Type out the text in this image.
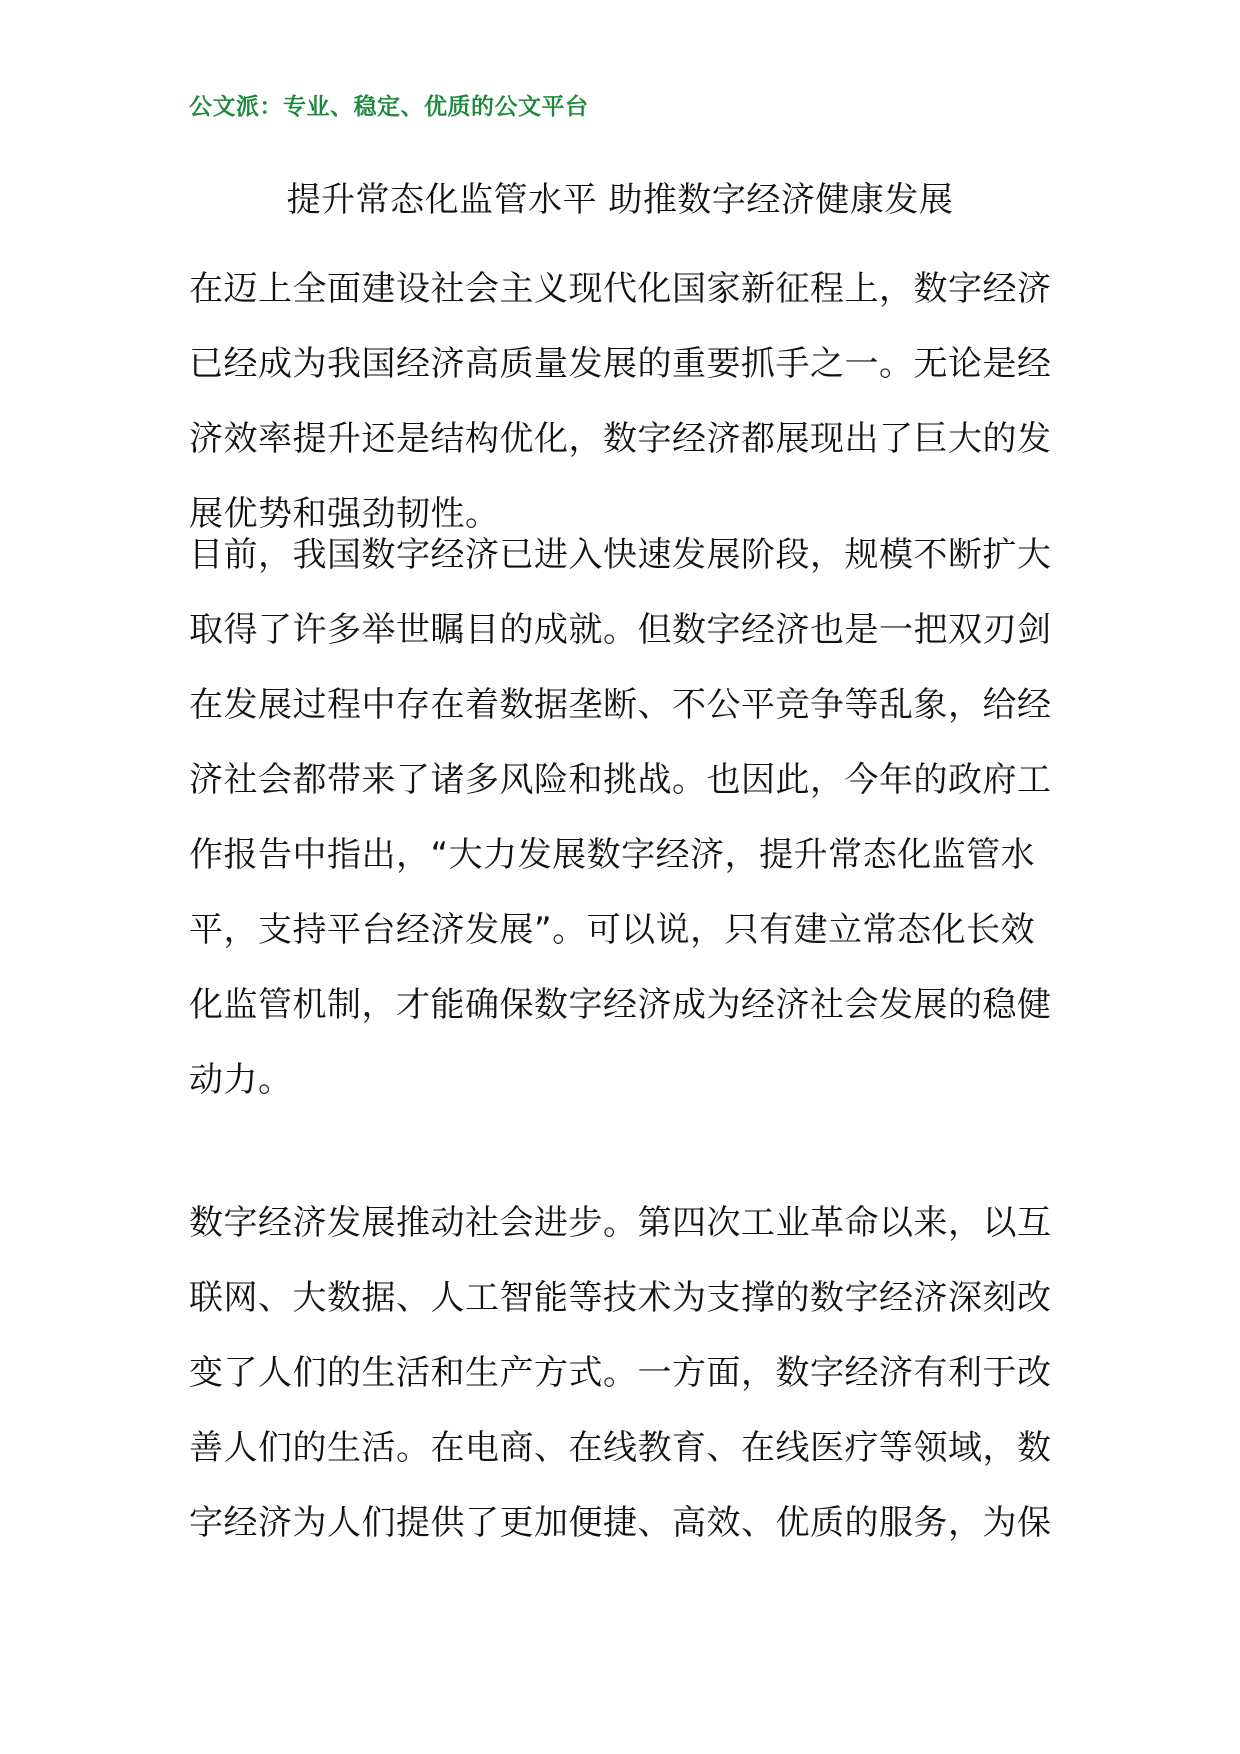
公文派：专业、稳定、优质的公文平台
提升常态化监管水平 助推数字经济健康发展

在迈上全面建设社会主义现代化国家新征程上，数字经济
已经成为我国经济高质量发展的重要抓手之一。无论是经
济效率提升还是结构优化，数字经济都展现出了巨大的发
展优势和强劲韧性。

目前，我国数字经济已进入快速发展阶段，规模不断扩大
取得了许多举世瞩目的成就。但数字经济也是一把双刃剑
在发展过程中存在着数据垄断、不公平竞争等乱象，给经
济社会都带来了诸多风险和挑战。也因此，今年的政府工
作报告中指出，“大力发展数字经济，提升常态化监管水
平，支持平台经济发展”。可以说，只有建立常态化长效
化监管机制，才能确保数字经济成为经济社会发展的稳健
动力。

数字经济发展推动社会进步。第四次工业革命以来，以互
联网、大数据、人工智能等技术为支撑的数字经济深刻改
变了人们的生活和生产方式。一方面，数字经济有利于改
善人们的生活。在电商、在线教育、在线医疗等领域，数
字经济为人们提供了更加便捷、高效、优质的服务，为保
